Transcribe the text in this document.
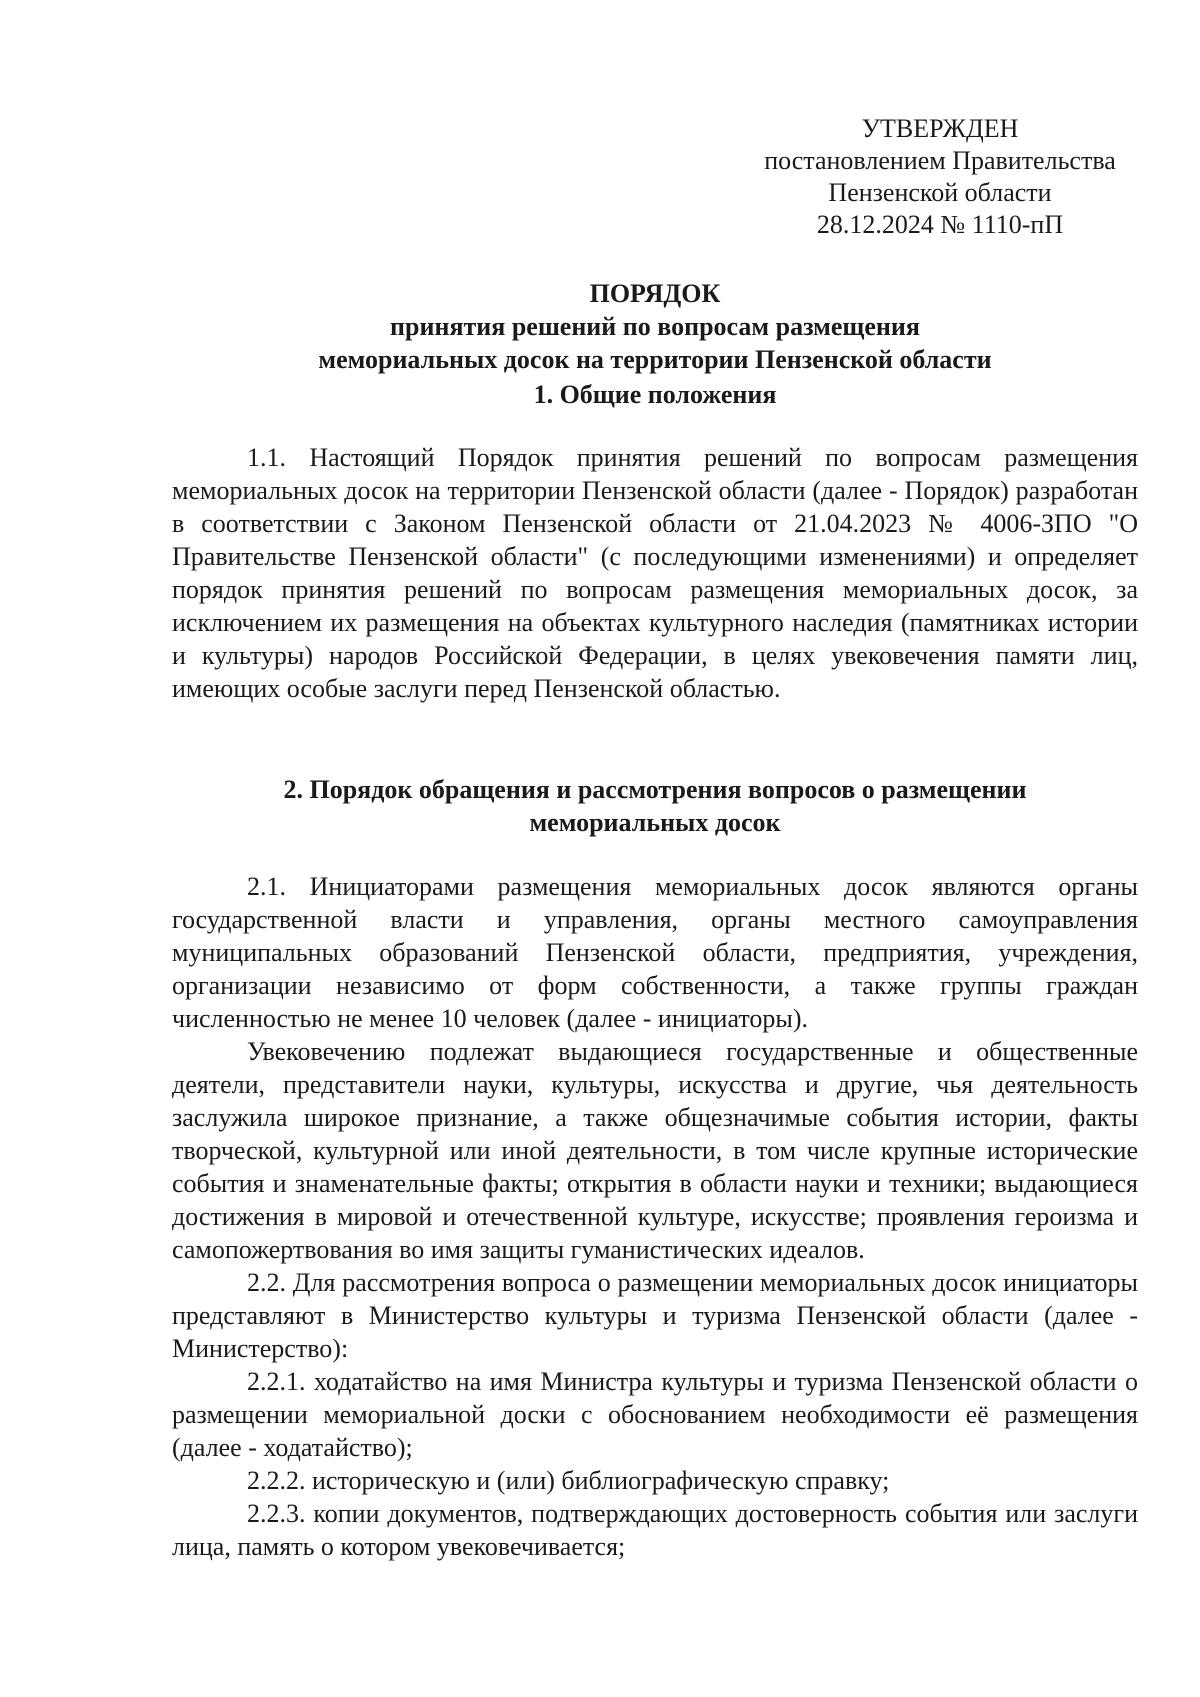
УТВЕРЖДЕН
постановлением Правительства
Пензенской области
28.12.2024 № 1110-пП
ПОРЯДОК
принятия решений по вопросам размещения
мемориальных досок на территории Пензенской области
1. Общие положения

1.1. Настоящий Порядок принятия решений по вопросам размещения мемориальных досок на территории Пензенской области (далее - Порядок) разработан в соответствии с Законом Пензенской области от 21.04.2023 № 4006-ЗПО "О Правительстве Пензенской области" (с последующими изменениями) и определяет порядок принятия решений по вопросам размещения мемориальных досок, за исключением их размещения на объектах культурного наследия (памятниках истории и культуры) народов Российской Федерации, в целях увековечения памяти лиц, имеющих особые заслуги перед Пензенской областью.

2. Порядок обращения и рассмотрения вопросов о размещении
мемориальных досок

2.1. Инициаторами размещения мемориальных досок являются органы государственной власти и управления, органы местного самоуправления муниципальных образований Пензенской области, предприятия, учреждения, организации независимо от форм собственности, а также группы граждан численностью не менее 10 человек (далее - инициаторы).

Увековечению подлежат выдающиеся государственные и общественные деятели, представители науки, культуры, искусства и другие, чья деятельность заслужила широкое признание, а также общезначимые события истории, факты творческой, культурной или иной деятельности, в том числе крупные исторические события и знаменательные факты; открытия в области науки и техники; выдающиеся достижения в мировой и отечественной культуре, искусстве; проявления героизма и самопожертвования во имя защиты гуманистических идеалов.

2.2. Для рассмотрения вопроса о размещении мемориальных досок инициаторы представляют в Министерство культуры и туризма Пензенской области (далее - Министерство):

2.2.1. ходатайство на имя Министра культуры и туризма Пензенской области о размещении мемориальной доски с обоснованием необходимости её размещения (далее - ходатайство);

2.2.2. историческую и (или) библиографическую справку;

2.2.3. копии документов, подтверждающих достоверность события или заслуги лица, память о котором увековечивается;
